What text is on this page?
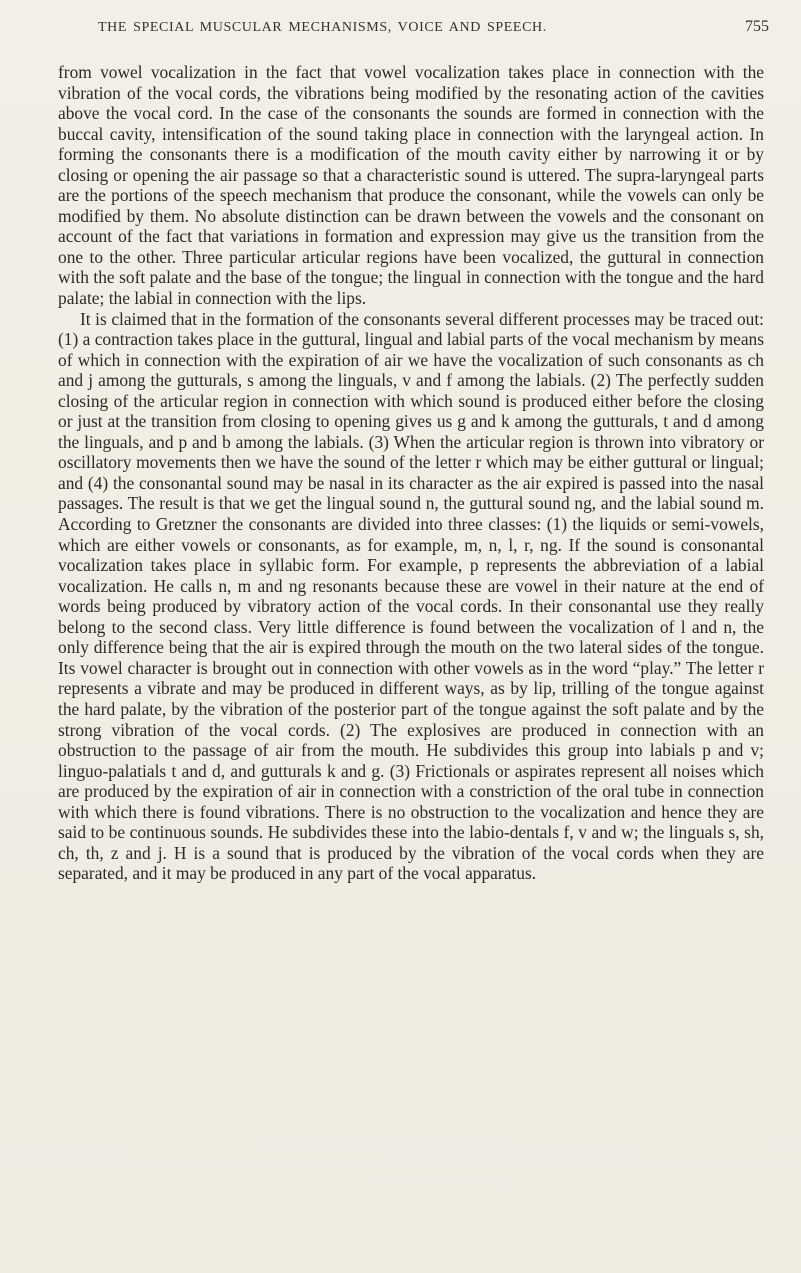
THE SPECIAL MUSCULAR MECHANISMS, VOICE AND SPEECH.	755

from vowel vocalization in the fact that vowel vocalization takes place in connection with the vibration of the vocal cords, the vibrations being modified by the resonating action of the cavities above the vocal cord. In the case of the consonants the sounds are formed in connection with the buccal cavity, intensification of the sound taking place in connection with the laryngeal action. In forming the consonants there is a modification of the mouth cavity either by narrowing it or by closing or opening the air passage so that a characteristic sound is uttered. The supra-laryngeal parts are the portions of the speech mechanism that produce the consonant, while the vowels can only be modified by them. No absolute distinction can be drawn between the vowels and the consonant on account of the fact that variations in formation and expression may give us the transition from the one to the other. Three particular articular regions have been vocalized, the guttural in connection with the soft palate and the base of the tongue; the lingual in connection with the tongue and the hard palate; the labial in connection with the lips.

It is claimed that in the formation of the consonants several different processes may be traced out: (1) a contraction takes place in the guttural, lingual and labial parts of the vocal mechanism by means of which in connection with the expiration of air we have the vocalization of such consonants as ch and j among the gutturals, s among the linguals, v and f among the labials. (2) The perfectly sudden closing of the articular region in connection with which sound is produced either before the closing or just at the transition from closing to opening gives us g and k among the gutturals, t and d among the linguals, and p and b among the labials. (3) When the articular region is thrown into vibratory or oscillatory movements then we have the sound of the letter r which may be either guttural or lingual; and (4) the consonantal sound may be nasal in its character as the air expired is passed into the nasal passages. The result is that we get the lingual sound n, the guttural sound ng, and the labial sound m. According to Gretzner the consonants are divided into three classes: (1) the liquids or semi-vowels, which are either vowels or consonants, as for example, m, n, l, r, ng. If the sound is consonantal vocalization takes place in syllabic form. For example, p represents the abbreviation of a labial vocalization. He calls n, m and ng resonants because these are vowel in their nature at the end of words being produced by vibratory action of the vocal cords. In their consonantal use they really belong to the second class. Very little difference is found between the vocalization of l and n, the only difference being that the air is expired through the mouth on the two lateral sides of the tongue. Its vowel character is brought out in connection with other vowels as in the word “play.” The letter r represents a vibrate and may be produced in different ways, as by lip, trilling of the tongue against the hard palate, by the vibration of the posterior part of the tongue against the soft palate and by the strong vibration of the vocal cords. (2) The explosives are produced in connection with an obstruction to the passage of air from the mouth. He subdivides this group into labials p and v; linguo-palatials t and d, and gutturals k and g. (3) Frictionals or aspirates represent all noises which are produced by the expiration of air in connection with a constriction of the oral tube in connection with which there is found vibrations. There is no obstruction to the vocalization and hence they are said to be continuous sounds. He subdivides these into the labio-dentals f, v and w; the linguals s, sh, ch, th, z and j. H is a sound that is produced by the vibration of the vocal cords when they are separated, and it may be produced in any part of the vocal apparatus.
